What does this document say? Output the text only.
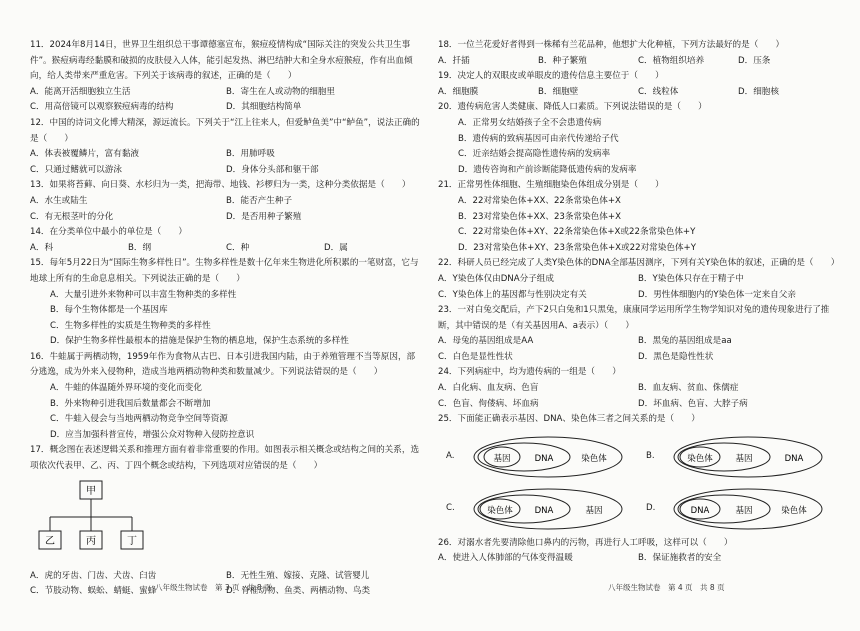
11．2024年8月14日，世界卫生组织总干事谭德塞宣布，猴痘疫情构成“国际关注的突发公共卫生事件”。猴痘病毒经黏膜和破损的皮肤侵入人体，能引起发热、淋巴结肿大和全身水痘猴痘，作有出血倾向，给人类带来严重危害。下列关于该病毒的叙述，正确的是（　　）
A．能离开活细胞独立生活	B．寄生在人或动物的细胞里
C．用高倍镜可以观察猴痘病毒的结构	D．其细胞结构简单
12．中国的诗词文化博大精深，源远流长。下列关于“江上往来人，但爱鲈鱼美”中“鲈鱼”，说法正确的是（　　）
A．体表被覆鳞片，富有黏液	B．用肺呼吸
C．只通过鳍就可以游泳	D．身体分头部和躯干部
13．如果将苔藓、向日葵、水杉归为一类，把海带、地钱、衫椤归为一类，这种分类依据是（　　）
A．水生或陆生	B．能否产生种子
C．有无根茎叶的分化	D．是否用种子繁殖
14．在分类单位中最小的单位是（　　）
A．科	B．纲	C．种	D．属
15．每年5月22日为“国际生物多样性日”。生物多样性是数十亿年来生物进化所积累的一笔财富，它与地球上所有的生命息息相关。下列说法正确的是（　　）
A．大量引进外来物种可以丰富生物种类的多样性
B．每个生物体都是一个基因库
C．生物多样性的实质是生物种类的多样性
D．保护生物多样性最根本的措施是保护生物的栖息地，保护生态系统的多样性
16．牛蛙属于两栖动物，1959年作为食物从古巴、日本引进我国内陆，由于养殖管理不当等原因，部分逃逸，成为外来入侵物种，造成当地两栖动物种类和数量减少。下列说法错误的是（　　）
A．牛蛙的体温随外界环境的变化而变化
B．外来物种引进我国后数量都会不断增加
C．牛蛙入侵会与当地两栖动物竞争空间等资源
D．应当加强科普宣传，增强公众对物种入侵防控意识
17．概念图在表述逻辑关系和推理方面有着非常重要的作用。如图表示相关概念或结构之间的关系，选项依次代表甲、乙、丙、丁四个概念或结构，下列选项对应错误的是（　　）
甲
乙	丙	丁
A．虎的牙齿、门齿、犬齿、臼齿	B．无性生殖、嫁接、克隆、试管婴儿
C．节肢动物、蜈蚣、蜻蜓、蜜蜂	D．脊椎动物、鱼类、两栖动物、鸟类
八年级生物试卷　第 3 页　共 8 页
18．一位兰花爱好者得到一株稀有兰花品种，他想扩大化种植，下列方法最好的是（　　）
A．扦插	B．种子繁殖	C．植物组织培养	D．压条
19．决定人的双眼皮或单眼皮的遗传信息主要位于（　　）
A．细胞膜	B．细胞壁	C．线粒体	D．细胞核
20．遗传病危害人类健康、降低人口素质。下列说法错误的是（　　）
A．正常男女结婚孩子全不会患遗传病
B．遗传病的致病基因可由亲代传递给子代
C．近亲结婚会提高隐性遗传病的发病率
D．遗传咨询和产前诊断能降低遗传病的发病率
21．正常男性体细胞、生殖细胞染色体组成分别是（　　）
A．22对常染色体+XX、22条常染色体+X
B．23对常染色体+XX、23条常染色体+X
C．22对常染色体+XY、22条常染色体+X或22条常染色体+Y
D．23对常染色体+XY、23条常染色体+X或22对常染色体+Y
22．科研人员已经完成了人类Y染色体的DNA全部基因测序，下列有关Y染色体的叙述，正确的是（　　）
A．Y染色体仅由DNA分子组成	B．Y染色体只存在于精子中
C．Y染色体上的基因都与性别决定有关	D．男性体细胞内的Y染色体一定来自父亲
23．一对白兔交配后，产下2只白兔和1只黑兔，康康同学运用所学生物学知识对兔的遗传现象进行了推断，其中错误的是（有关基因用A、a表示）（　　）
A．母兔的基因组成是AA	B．黑兔的基因组成是aa
C．白色是显性性状	D．黑色是隐性性状
24．下列病症中，均为遗传病的一组是（　　）
A．白化病、血友病、色盲	B．血友病、贫血、侏儒症
C．色盲、佝偻病、坏血病	D．坏血病、色盲、大脖子病
25．下面能正确表示基因、DNA、染色体三者之间关系的是（　　）
A.	基因	DNA	染色体	B.	染色体	基因	DNA
C.	染色体	DNA	基因	D.	DNA	基因	染色体
26．对溺水者先要清除他口鼻内的污物，再进行人工呼吸，这样可以（　　）
A．使进入人体肺部的气体变得温暖	B．保证施救者的安全
八年级生物试卷　第 4 页　共 8 页
